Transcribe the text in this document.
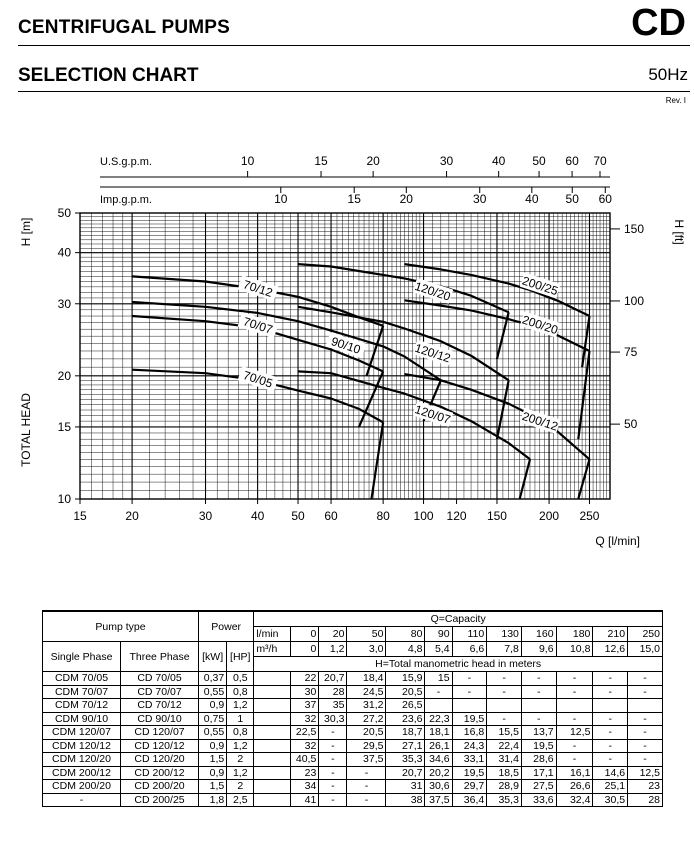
CENTRIFUGAL PUMPS	CD
SELECTION CHART	50Hz
Rev. I
15	20	30	40 50 60	80 100 120 150	200 250
Q [l/min]
10
15
20
30
40
50
TOTAL HEAD
H [m]
50
75
100
150 H [ft]
U.S.g.p.m.	10	15	20	30	40 50 60 70
Imp.g.p.m.	10	15	20	30	40 50 60
70/05
70/07
70/12
90/10
120/07
120/12
120/20
200/12
200/20
200/25
Pump type		Power		Q=Capacity											
				l/min	0	20	50	80	90	110	130	160	180	210	250
Single Phase	Three Phase	[kW]	[HP]	m³/h	0	1,2	3,0	4,8	5,4	6,6	7,8	9,6	10,8	12,6	15,0
				H=Total manometric head in meters											
CDM 70/05	CD 70/05	0,37	0,5		22	20,7	18,4	15,9	15	-	-	-	-	-	-
CDM 70/07	CD 70/07	0,55	0,8		30	28	24,5	20,5	-	-	-	-	-	-	-
CDM 70/12	CD 70/12	0,9	1,2		37	35	31,2	26,5							
CDM 90/10	CD 90/10	0,75	1		32	30,3	27,2	23,6	22,3	19,5	-	-	-	-	-
CDM 120/07	CD 120/07	0,55	0,8		22,5	-	20,5	18,7	18,1	16,8	15,5	13,7	12,5	-	-
CDM 120/12	CD 120/12	0,9	1,2		32	-	29,5	27,1	26,1	24,3	22,4	19,5	-	-	-
CDM 120/20	CD 120/20	1,5	2		40,5	-	37,5	35,3	34,6	33,1	31,4	28,6	-	-	-
CDM 200/12	CD 200/12	0,9	1,2		23	-	-	20,7	20,2	19,5	18,5	17,1	16,1	14,6	12,5
CDM 200/20	CD 200/20	1,5	2		34	-	-	31	30,6	29,7	28,9	27,5	26,6	25,1	23
-	CD 200/25	1,8	2,5		41	-	-	38	37,5	36,4	35,3	33,6	32,4	30,5	28
